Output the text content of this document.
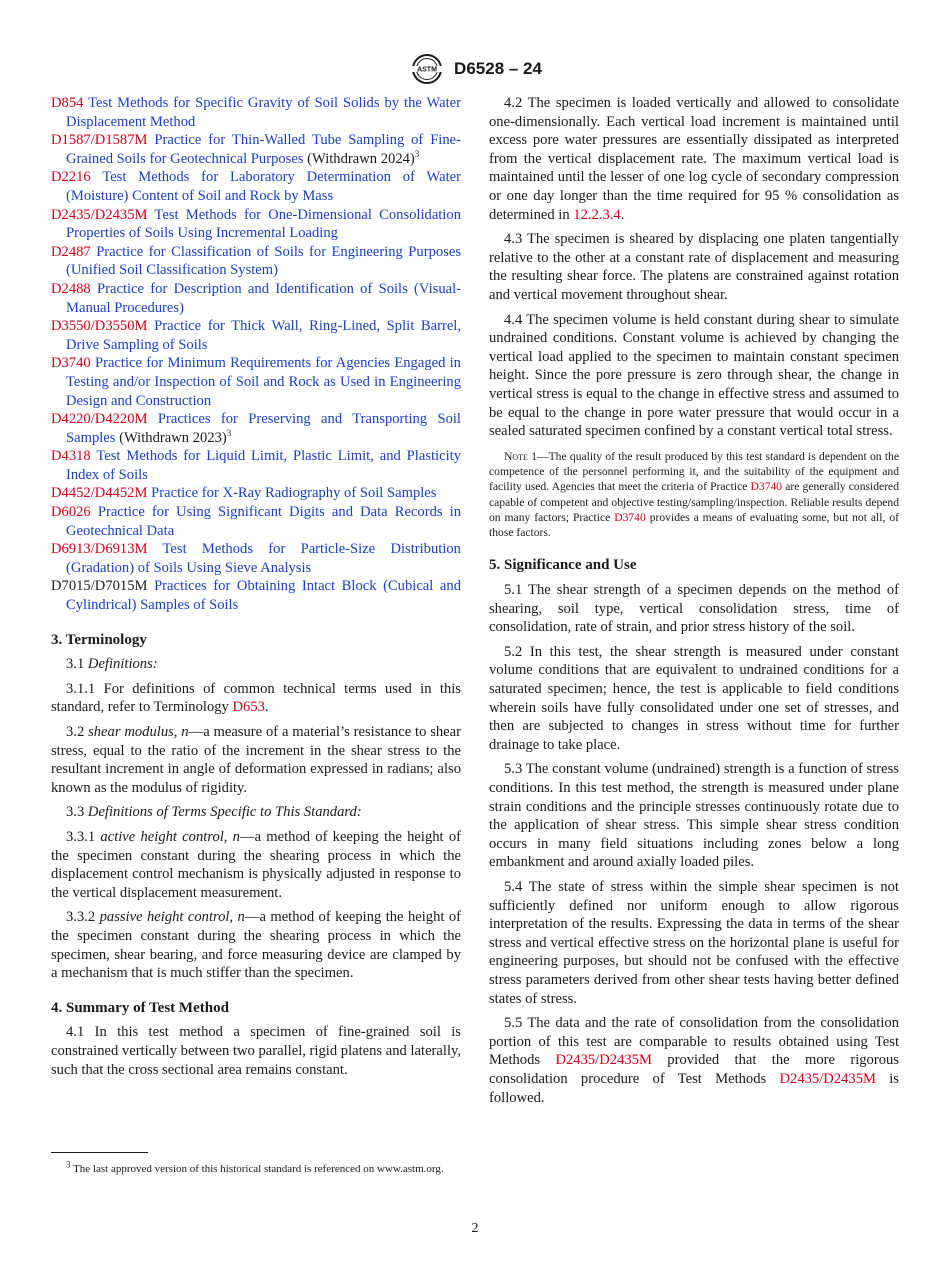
ASTM D6528 – 24
D854 Test Methods for Specific Gravity of Soil Solids by the Water Displacement Method
D1587/D1587M Practice for Thin-Walled Tube Sampling of Fine-Grained Soils for Geotechnical Purposes (Withdrawn 2024)$^3$
D2216 Test Methods for Laboratory Determination of Water (Moisture) Content of Soil and Rock by Mass
D2435/D2435M Test Methods for One-Dimensional Consolidation Properties of Soils Using Incremental Loading
D2487 Practice for Classification of Soils for Engineering Purposes (Unified Soil Classification System)
D2488 Practice for Description and Identification of Soils (Visual-Manual Procedures)
D3550/D3550M Practice for Thick Wall, Ring-Lined, Split Barrel, Drive Sampling of Soils
D3740 Practice for Minimum Requirements for Agencies Engaged in Testing and/or Inspection of Soil and Rock as Used in Engineering Design and Construction
D4220/D4220M Practices for Preserving and Transporting Soil Samples (Withdrawn 2023)$^3$
D4318 Test Methods for Liquid Limit, Plastic Limit, and Plasticity Index of Soils
D4452/D4452M Practice for X-Ray Radiography of Soil Samples
D6026 Practice for Using Significant Digits and Data Records in Geotechnical Data
D6913/D6913M Test Methods for Particle-Size Distribution (Gradation) of Soils Using Sieve Analysis
D7015/D7015M Practices for Obtaining Intact Block (Cubical and Cylindrical) Samples of Soils
3. Terminology

3.1 Definitions:

3.1.1 For definitions of common technical terms used in this standard, refer to Terminology D653.

3.2 shear modulus, n—a measure of a material’s resistance to shear stress, equal to the ratio of the increment in the shear stress to the resultant increment in angle of deformation expressed in radians; also known as the modulus of rigidity.

3.3 Definitions of Terms Specific to This Standard:

3.3.1 active height control, n—a method of keeping the height of the specimen constant during the shearing process in which the displacement control mechanism is physically adjusted in response to the vertical displacement measurement.

3.3.2 passive height control, n—a method of keeping the height of the specimen constant during the shearing process in which the specimen, shear bearing, and force measuring device are clamped by a mechanism that is much stiffer than the specimen.

4. Summary of Test Method

4.1 In this test method a specimen of fine-grained soil is constrained vertically between two parallel, rigid platens and laterally, such that the cross sectional area remains constant.

4.2 The specimen is loaded vertically and allowed to consolidate one-dimensionally. Each vertical load increment is maintained until excess pore water pressures are essentially dissipated as interpreted from the vertical displacement rate. The maximum vertical load is maintained until the lesser of one log cycle of secondary compression or one day longer than the time required for 95 % consolidation as determined in 12.2.3.4.

4.3 The specimen is sheared by displacing one platen tangentially relative to the other at a constant rate of displacement and measuring the resulting shear force. The platens are constrained against rotation and vertical movement throughout shear.

4.4 The specimen volume is held constant during shear to simulate undrained conditions. Constant volume is achieved by changing the vertical load applied to the specimen to maintain constant specimen height. Since the pore pressure is zero through shear, the change in vertical stress is equal to the change in effective stress and assumed to be equal to the change in pore water pressure that would occur in a sealed saturated specimen confined by a constant vertical total stress.

Note 1—The quality of the result produced by this test standard is dependent on the competence of the personnel performing it, and the suitability of the equipment and facility used. Agencies that meet the criteria of Practice D3740 are generally considered capable of competent and objective testing/sampling/inspection. Reliable results depend on many factors; Practice D3740 provides a means of evaluating some, but not all, of those factors.
5. Significance and Use

5.1 The shear strength of a specimen depends on the method of shearing, soil type, vertical consolidation stress, time of consolidation, rate of strain, and prior stress history of the soil.

5.2 In this test, the shear strength is measured under constant volume conditions that are equivalent to undrained conditions for a saturated specimen; hence, the test is applicable to field conditions wherein soils have fully consolidated under one set of stresses, and then are subjected to changes in stress without time for further drainage to take place.

5.3 The constant volume (undrained) strength is a function of stress conditions. In this test method, the strength is measured under plane strain conditions and the principle stresses continuously rotate due to the application of shear stress. This simple shear stress condition occurs in many field situations including zones below a long embankment and around axially loaded piles.

5.4 The state of stress within the simple shear specimen is not sufficiently defined nor uniform enough to allow rigorous interpretation of the results. Expressing the data in terms of the shear stress and vertical effective stress on the horizontal plane is useful for engineering purposes, but should not be confused with the effective stress parameters derived from other shear tests having better defined states of stress.

5.5 The data and the rate of consolidation from the consolidation portion of this test are comparable to results obtained using Test Methods D2435/D2435M provided that the more rigorous consolidation procedure of Test Methods D2435/D2435M is followed.

$^3$ The last approved version of this historical standard is referenced on www.astm.org.
2
